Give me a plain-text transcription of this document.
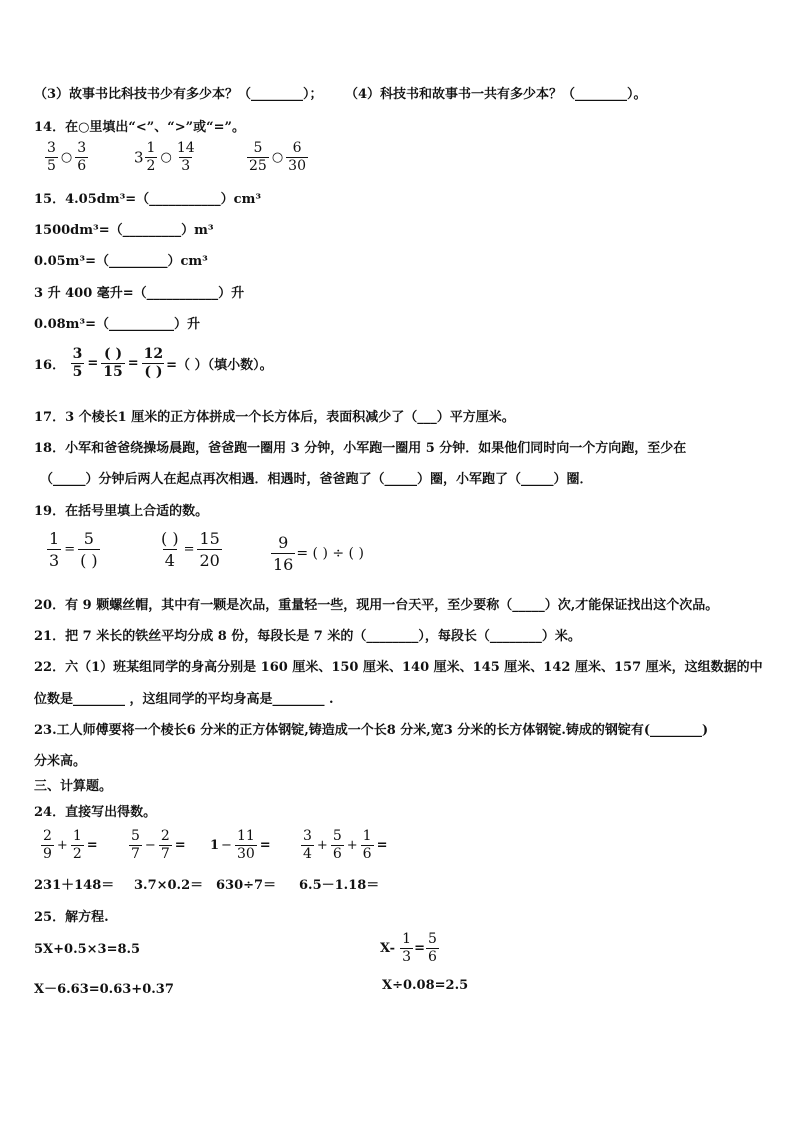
（3）故事书比科技书少有多少本？（________）； （4）科技书和故事书一共有多少本？（________）。
14．在○里填出“<”、“>”或“=”。
$\frac{3}{5}$ ○ $\frac{3}{6}$	$3 \frac{1}{2}$ ○ $\frac{14}{3}$	$\frac{5}{25}$ ○ $\frac{6}{30}$
15．4.05dm³=（___________）cm³
1500dm³=（_________）m³
0.05m³=（_________）cm³
3 升 400 毫升=（___________）升
0.08m³=（__________）升
16． $\frac{3}{5} = \frac{( )}{15} = \frac{12}{( )}$ =（ ）（填小数）。
17．3 个棱长1 厘米的正方体拼成一个长方体后，表面积减少了（___）平方厘米。
18．小军和爸爸绕操场晨跑，爸爸跑一圈用 3 分钟，小军跑一圈用 5 分钟．如果他们同时向一个方向跑，至少在
（_____）分钟后两人在起点再次相遇．相遇时，爸爸跑了（_____）圈，小军跑了（_____）圈．
19．在括号里填上合适的数。
$\frac{1}{3} = \frac{5}{( )}$	$\frac{( )}{4} = \frac{15}{20}$	$\frac{9}{16}$ = ( ) ÷ ( )
20．有 9 颗螺丝帽，其中有一颗是次品，重量轻一些，现用一台天平，至少要称（_____）次,才能保证找出这个次品。
21．把 7 米长的铁丝平均分成 8 份，每段长是 7 米的（________），每段长（________）米。
22．六（1）班某组同学的身高分别是 160 厘米、150 厘米、140 厘米、145 厘米、142 厘米、157 厘米，这组数据的中
位数是________ ，这组同学的平均身高是________ .
23.工人师傅要将一个棱长6 分米的正方体钢锭,铸造成一个长8 分米,宽3 分米的长方体钢锭.铸成的钢锭有(________)
分米高。
三、计算题。
24．直接写出得数。
$\frac{2}{9} + \frac{1}{2} = \frac{5}{7} - \frac{2}{7} = 1 - \frac{11}{30} = \frac{3}{4} + \frac{5}{6} + \frac{1}{6}$ =
231＋148＝ 3.7×0.2＝ 630÷7＝ 6.5－1.18＝
25．解方程.
5X+0.5×3=8.5	$X- \frac{1}{3} = \frac{5}{6}$
X－6.63=0.63+0.37	X÷0.08=2.5
